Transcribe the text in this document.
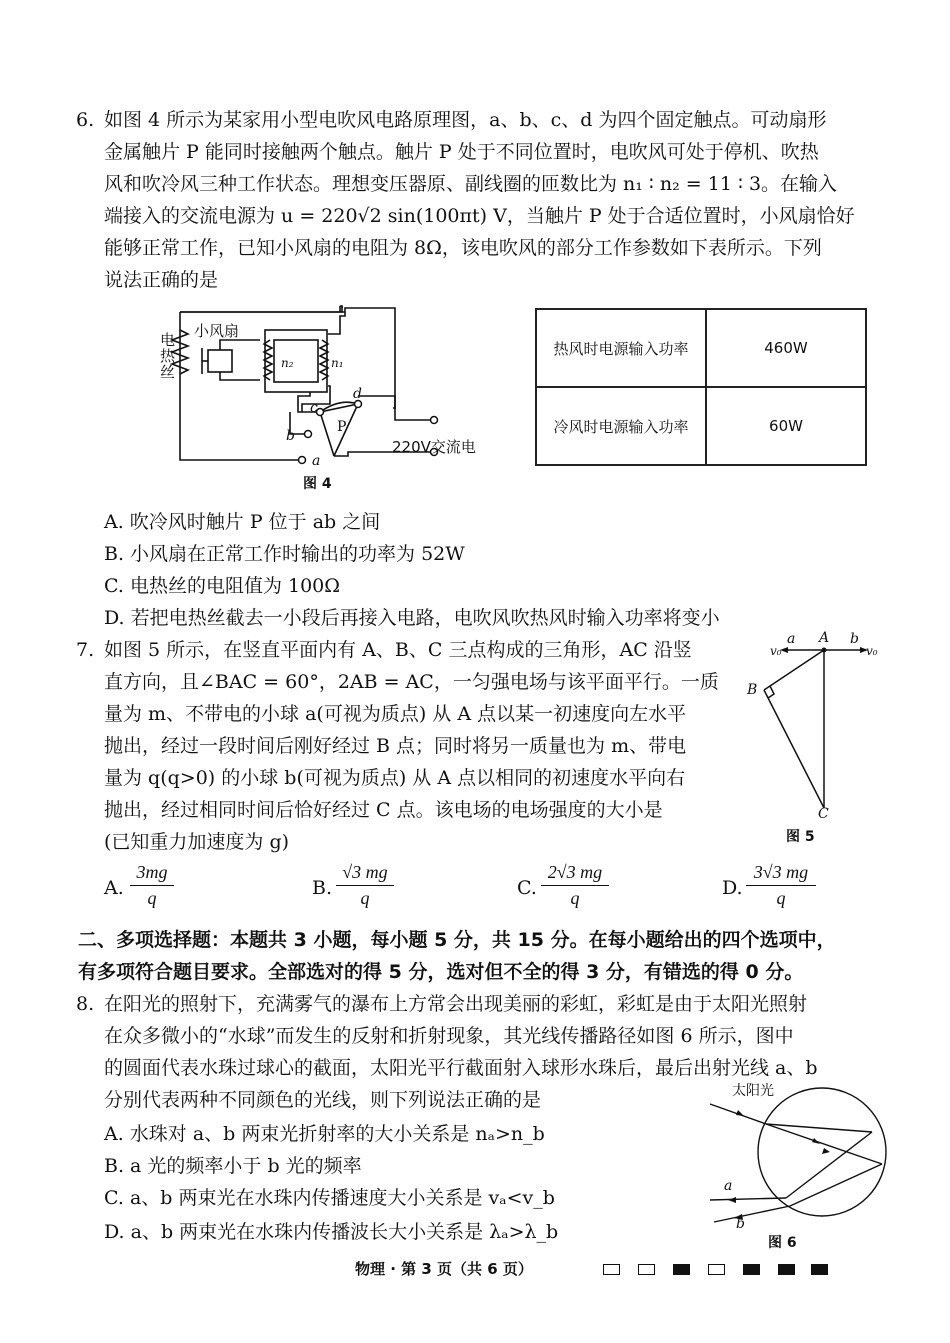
6. 如图 4 所示为某家用小型电吹风电路原理图，a、b、c、d 为四个固定触点。可动扇形
金属触片 P 能同时接触两个触点。触片 P 处于不同位置时，电吹风可处于停机、吹热
风和吹冷风三种工作状态。理想变压器原、副线圈的匝数比为 n₁ ∶ n₂ = 11 ∶ 3。在输入
端接入的交流电源为 u = 220√2 sin(100πt) V，当触片 P 处于合适位置时，小风扇恰好
能够正常工作，已知小风扇的电阻为 8Ω，该电吹风的部分工作参数如下表所示。下列
说法正确的是
电热丝
小风扇
n₂	n₁
c
d
b
a
P
220V交流电
图 4
热风时电源输入功率	460W
冷风时电源输入功率	60W
A. 吹冷风时触片 P 位于 ab 之间
B. 小风扇在正常工作时输出的功率为 52W
C. 电热丝的电阻值为 100Ω
D. 若把电热丝截去一小段后再接入电路，电吹风吹热风时输入功率将变小
7. 如图 5 所示，在竖直平面内有 A、B、C 三点构成的三角形，AC 沿竖
直方向，且∠BAC = 60°，2AB = AC，一匀强电场与该平面平行。一质
量为 m、不带电的小球 a(可视为质点) 从 A 点以某一初速度向左水平
抛出，经过一段时间后刚好经过 B 点；同时将另一质量也为 m、带电
量为 q(q>0) 的小球 b(可视为质点) 从 A 点以相同的初速度水平向右
抛出，经过相同时间后恰好经过 C 点。该电场的电场强度的大小是
(已知重力加速度为 g)
A
a	b
v₀	v₀
B
C
图 5
A.
3mg
q	B.
√3 mg
q	C.
2√3 mg
q	D.
3√3 mg
q
二、多项选择题：本题共 3 小题，每小题 5 分，共 15 分。在每小题给出的四个选项中，
有多项符合题目要求。全部选对的得 5 分，选对但不全的得 3 分，有错选的得 0 分。
8. 在阳光的照射下，充满雾气的瀑布上方常会出现美丽的彩虹，彩虹是由于太阳光照射
在众多微小的“水球”而发生的反射和折射现象，其光线传播路径如图 6 所示，图中
的圆面代表水珠过球心的截面，太阳光平行截面射入球形水珠后，最后出射光线 a、b
分别代表两种不同颜色的光线，则下列说法正确的是
A. 水珠对 a、b 两束光折射率的大小关系是 nₐ>n_b
B. a 光的频率小于 b 光的频率
C. a、b 两束光在水珠内传播速度大小关系是 vₐ<v_b
D. a、b 两束光在水珠内传播波长大小关系是 λₐ>λ_b
太阳光
a
b
图 6
物理 · 第 3 页（共 6 页）
